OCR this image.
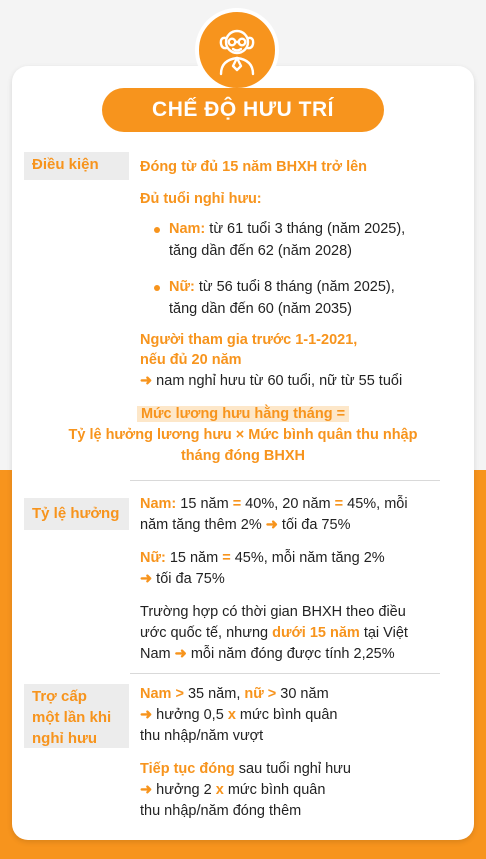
CHẾ ĐỘ HƯU TRÍ
Điều kiện	Đóng từ đủ 15 năm BHXH trở lên
Đủ tuổi nghỉ hưu:
Nam: từ 61 tuổi 3 tháng (năm 2025),
tăng dần đến 62 (năm 2028)
Nữ: từ 56 tuổi 8 tháng (năm 2025),
tăng dần đến 60 (năm 2035)
Người tham gia trước 1-1-2021,
nếu đủ 20 năm
➜ nam nghỉ hưu từ 60 tuổi, nữ từ 55 tuổi
Mức lương hưu hằng tháng =
Tỷ lệ hưởng lương hưu × Mức bình quân thu nhập
tháng đóng BHXH
Tỷ lệ hưởng
Nam: 15 năm = 40%, 20 năm = 45%, mỗi
năm tăng thêm 2% ➜ tối đa 75%
Nữ: 15 năm = 45%, mỗi năm tăng 2%
➜ tối đa 75%
Trường hợp có thời gian BHXH theo điều
ước quốc tế, nhưng dưới 15 năm tại Việt
Nam ➜ mỗi năm đóng được tính 2,25%
Trợ cấp
một lần khi
nghỉ hưu
Nam > 35 năm, nữ > 30 năm
➜ hưởng 0,5 x mức bình quân
thu nhập/năm vượt
Tiếp tục đóng sau tuổi nghỉ hưu
➜ hưởng 2 x mức bình quân
thu nhập/năm đóng thêm
